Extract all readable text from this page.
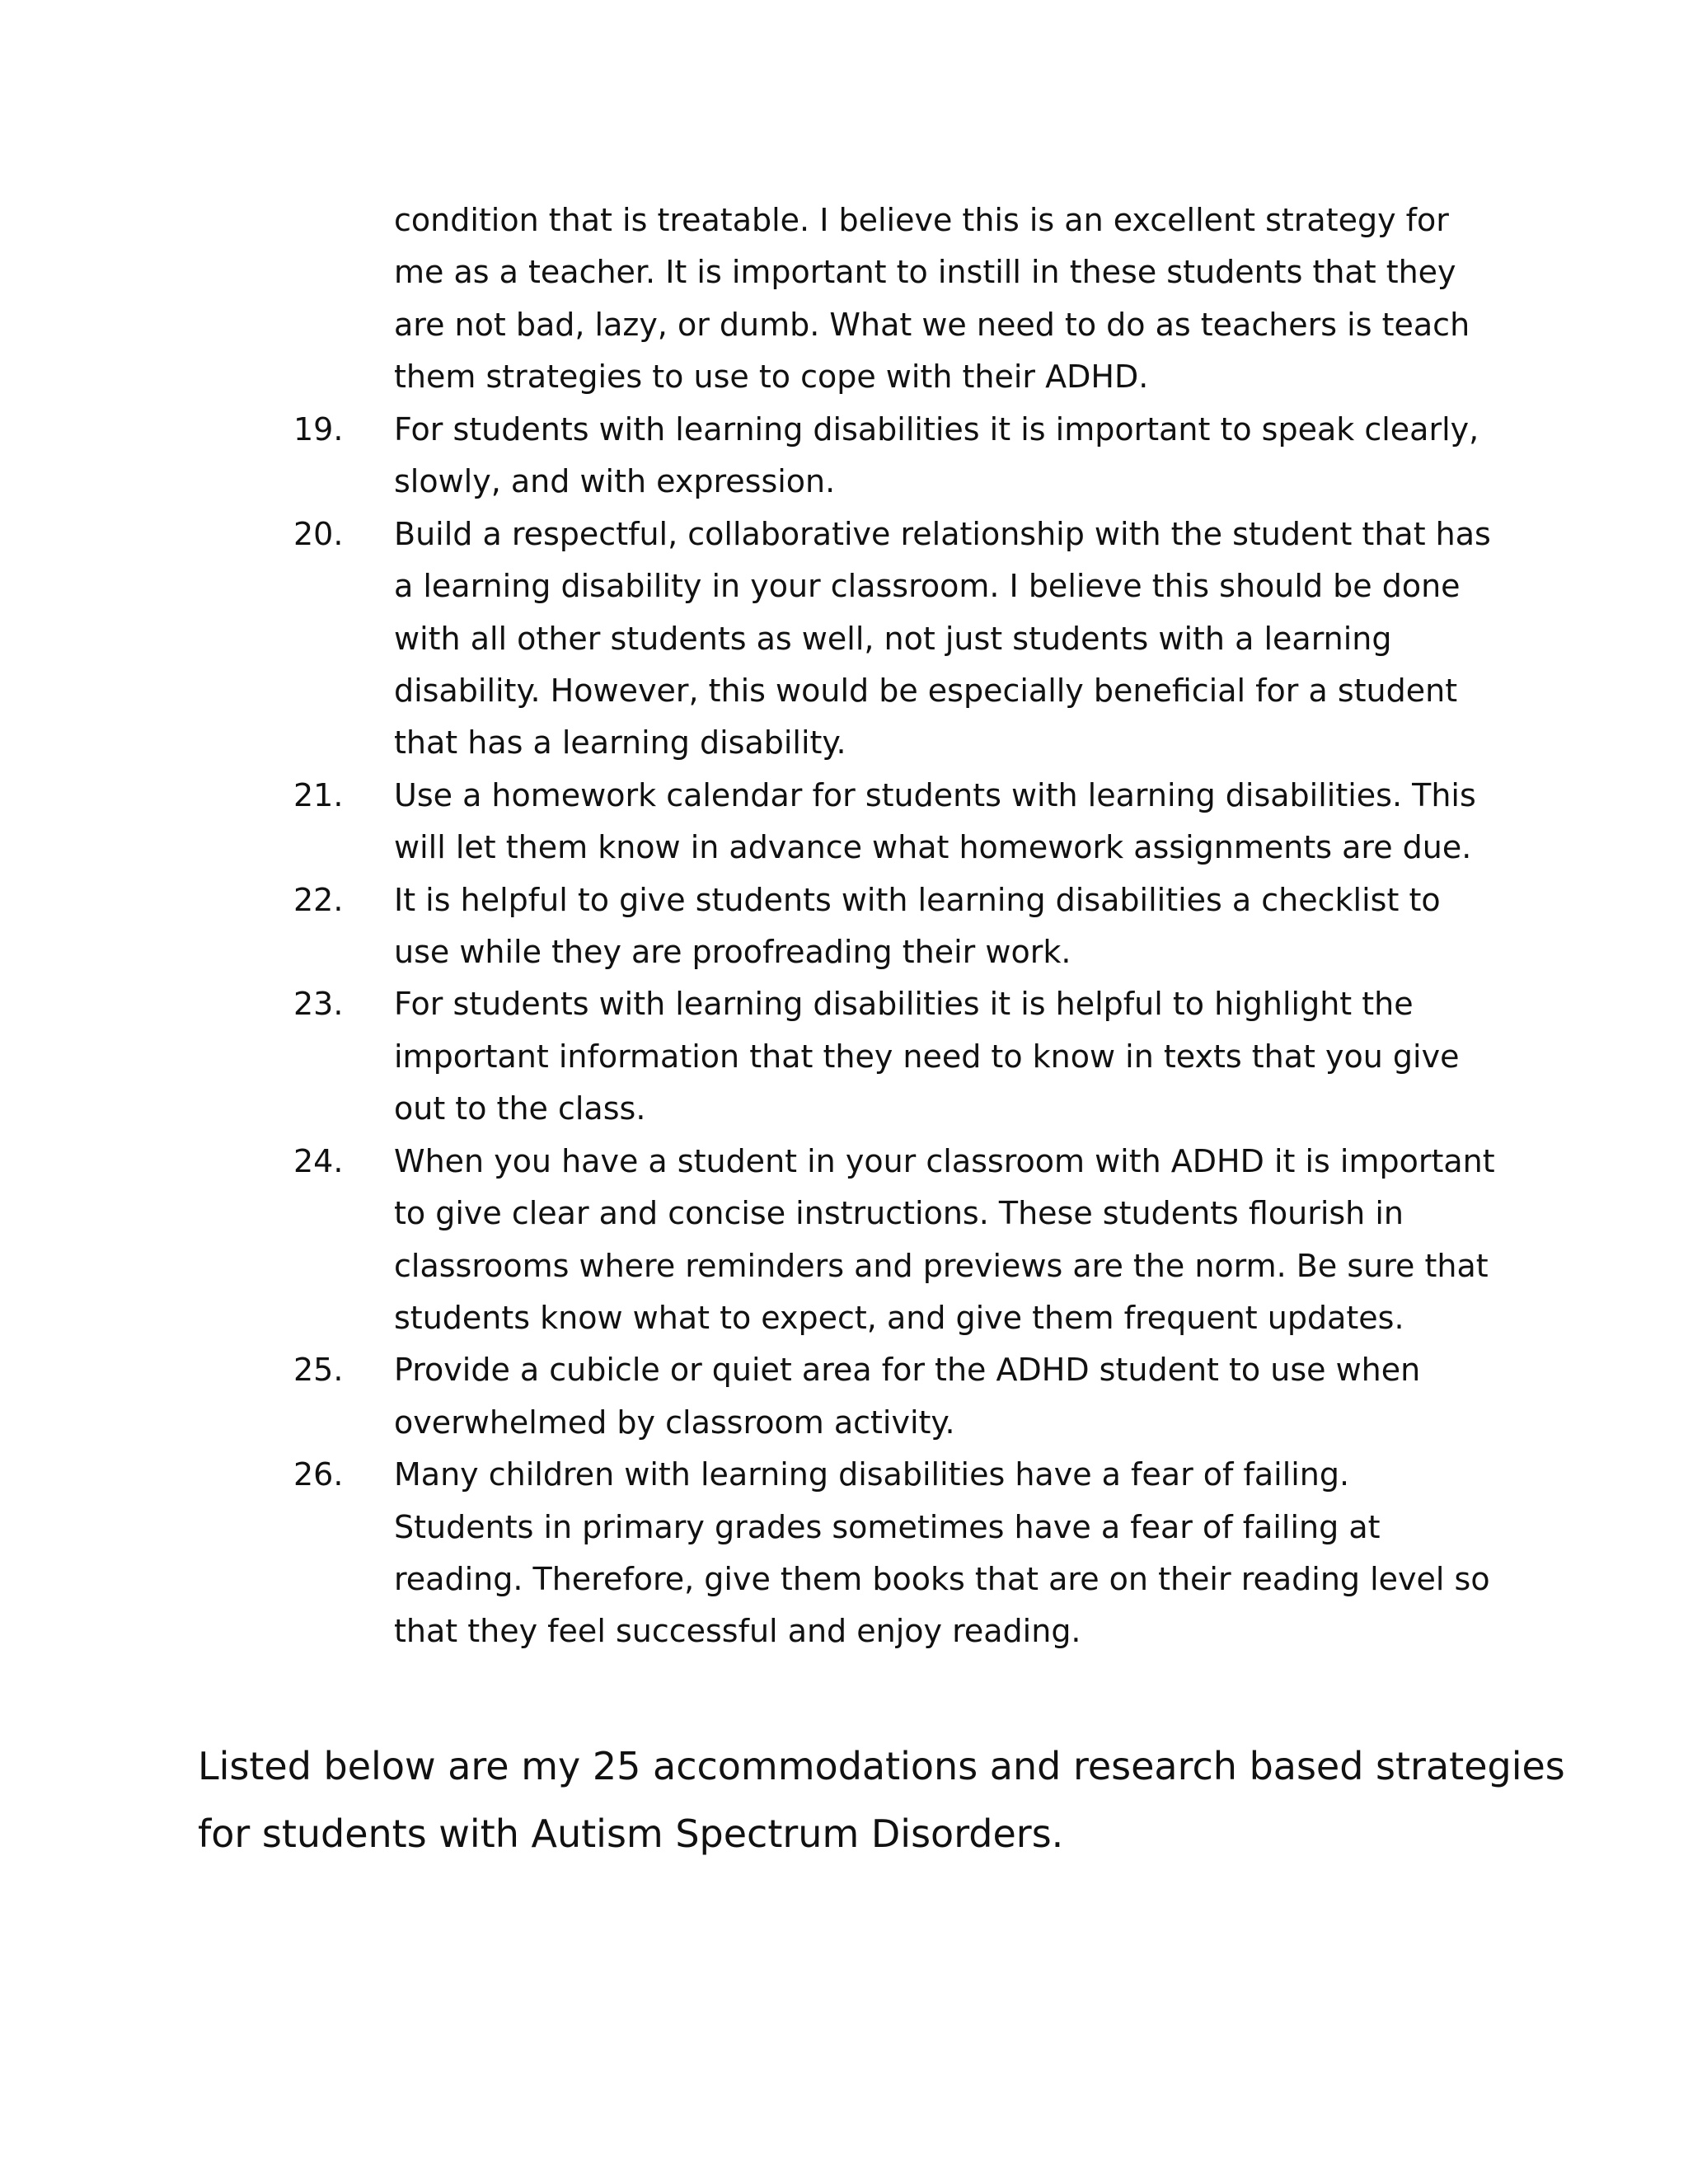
condition that is treatable. I believe this is an excellent strategy for
me as a teacher. It is important to instill in these students that they
are not bad, lazy, or dumb. What we need to do as teachers is teach
them strategies to use to cope with their ADHD.
19.	For students with learning disabilities it is important to speak clearly,
slowly, and with expression.
20.	Build a respectful, collaborative relationship with the student that has
a learning disability in your classroom. I believe this should be done
with all other students as well, not just students with a learning
disability. However, this would be especially beneficial for a student
that has a learning disability.
21.	Use a homework calendar for students with learning disabilities. This
will let them know in advance what homework assignments are due.
22.	It is helpful to give students with learning disabilities a checklist to
use while they are proofreading their work.
23.	For students with learning disabilities it is helpful to highlight the
important information that they need to know in texts that you give
out to the class.
24.	When you have a student in your classroom with ADHD it is important
to give clear and concise instructions. These students flourish in
classrooms where reminders and previews are the norm. Be sure that
students know what to expect, and give them frequent updates.
25.	Provide a cubicle or quiet area for the ADHD student to use when
overwhelmed by classroom activity.
26.	Many children with learning disabilities have a fear of failing.
Students in primary grades sometimes have a fear of failing at
reading. Therefore, give them books that are on their reading level so
that they feel successful and enjoy reading.
Listed below are my 25 accommodations and research based strategies
for students with Autism Spectrum Disorders.
